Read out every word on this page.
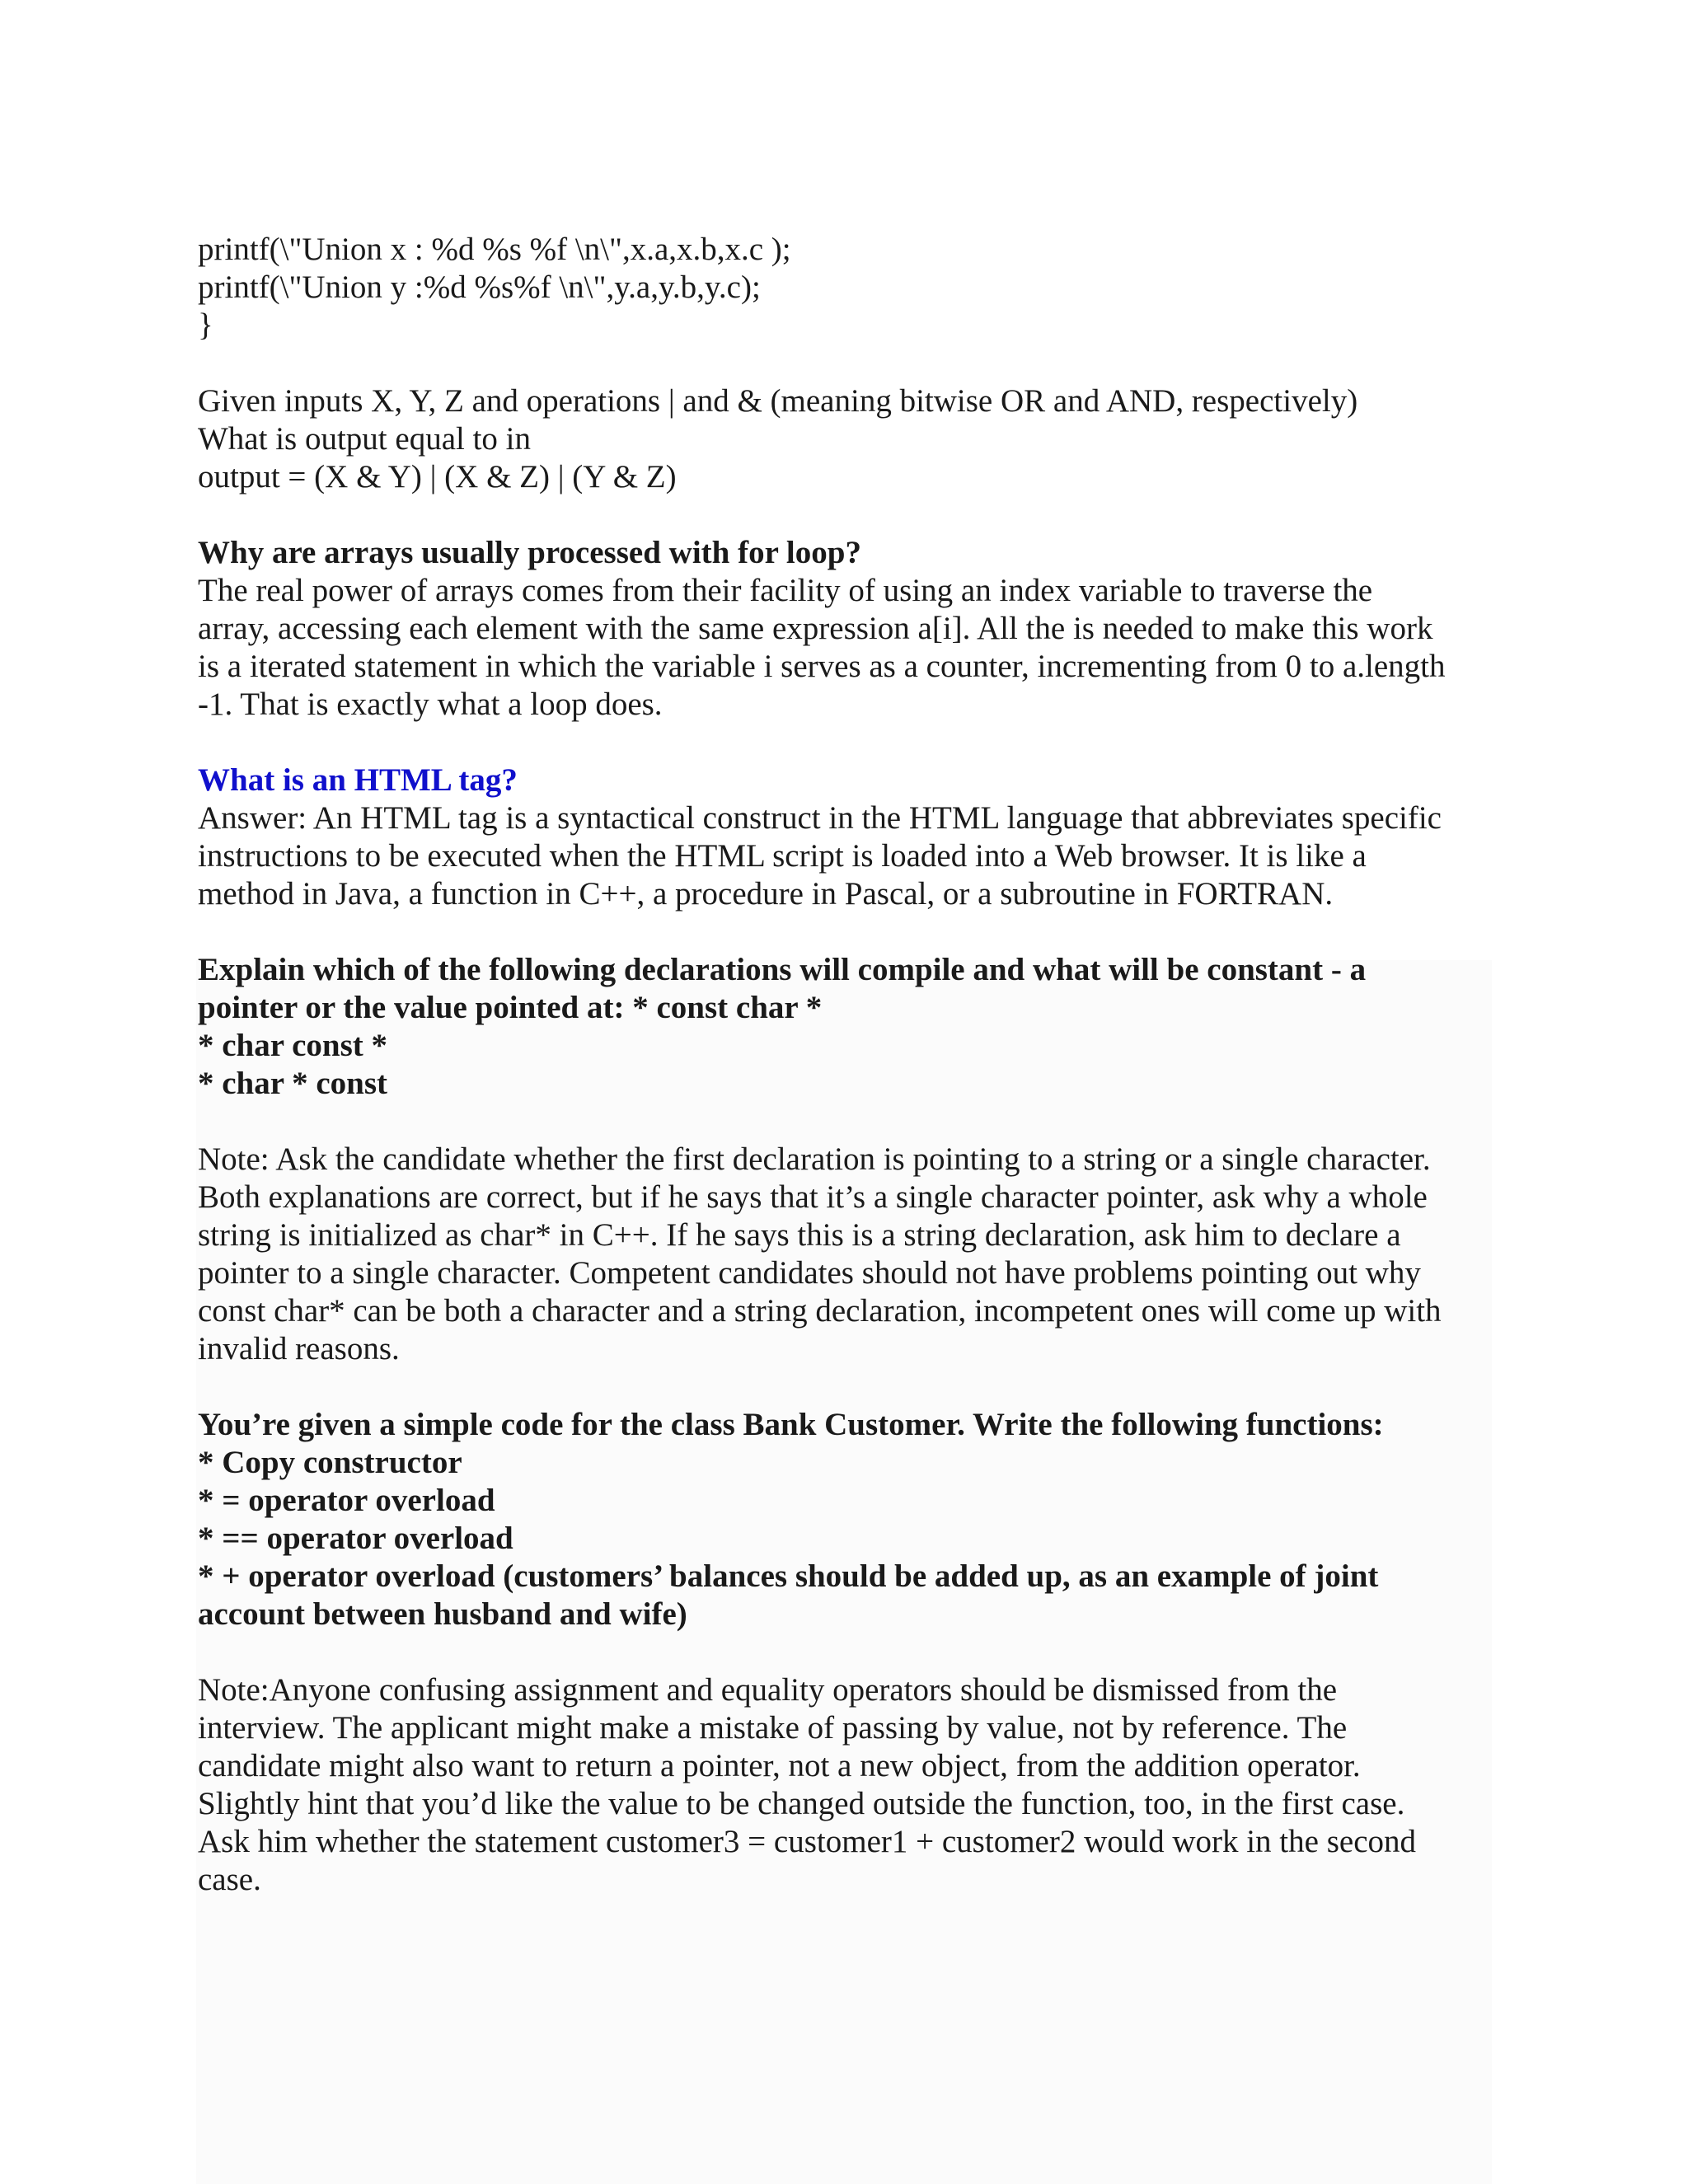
printf(\"Union x : %d %s %f \n\",x.a,x.b,x.c );
printf(\"Union y :%d %s%f \n\",y.a,y.b,y.c);
}
Given inputs X, Y, Z and operations | and & (meaning bitwise OR and AND, respectively)
What is output equal to in
output = (X & Y) | (X & Z) | (Y & Z)
Why are arrays usually processed with for loop?
The real power of arrays comes from their facility of using an index variable to traverse the
array, accessing each element with the same expression a[i]. All the is needed to make this work
is a iterated statement in which the variable i serves as a counter, incrementing from 0 to a.length
-1. That is exactly what a loop does.
What is an HTML tag?
Answer: An HTML tag is a syntactical construct in the HTML language that abbreviates specific
instructions to be executed when the HTML script is loaded into a Web browser. It is like a
method in Java, a function in C++, a procedure in Pascal, or a subroutine in FORTRAN.
Explain which of the following declarations will compile and what will be constant - a
pointer or the value pointed at: * const char *
* char const *
* char * const
Note: Ask the candidate whether the first declaration is pointing to a string or a single character.
Both explanations are correct, but if he says that it’s a single character pointer, ask why a whole
string is initialized as char* in C++. If he says this is a string declaration, ask him to declare a
pointer to a single character. Competent candidates should not have problems pointing out why
const char* can be both a character and a string declaration, incompetent ones will come up with
invalid reasons.
You’re given a simple code for the class Bank Customer. Write the following functions:
* Copy constructor
* = operator overload
* == operator overload
* + operator overload (customers’ balances should be added up, as an example of joint
account between husband and wife)
Note:Anyone confusing assignment and equality operators should be dismissed from the
interview. The applicant might make a mistake of passing by value, not by reference. The
candidate might also want to return a pointer, not a new object, from the addition operator.
Slightly hint that you’d like the value to be changed outside the function, too, in the first case.
Ask him whether the statement customer3 = customer1 + customer2 would work in the second
case.
